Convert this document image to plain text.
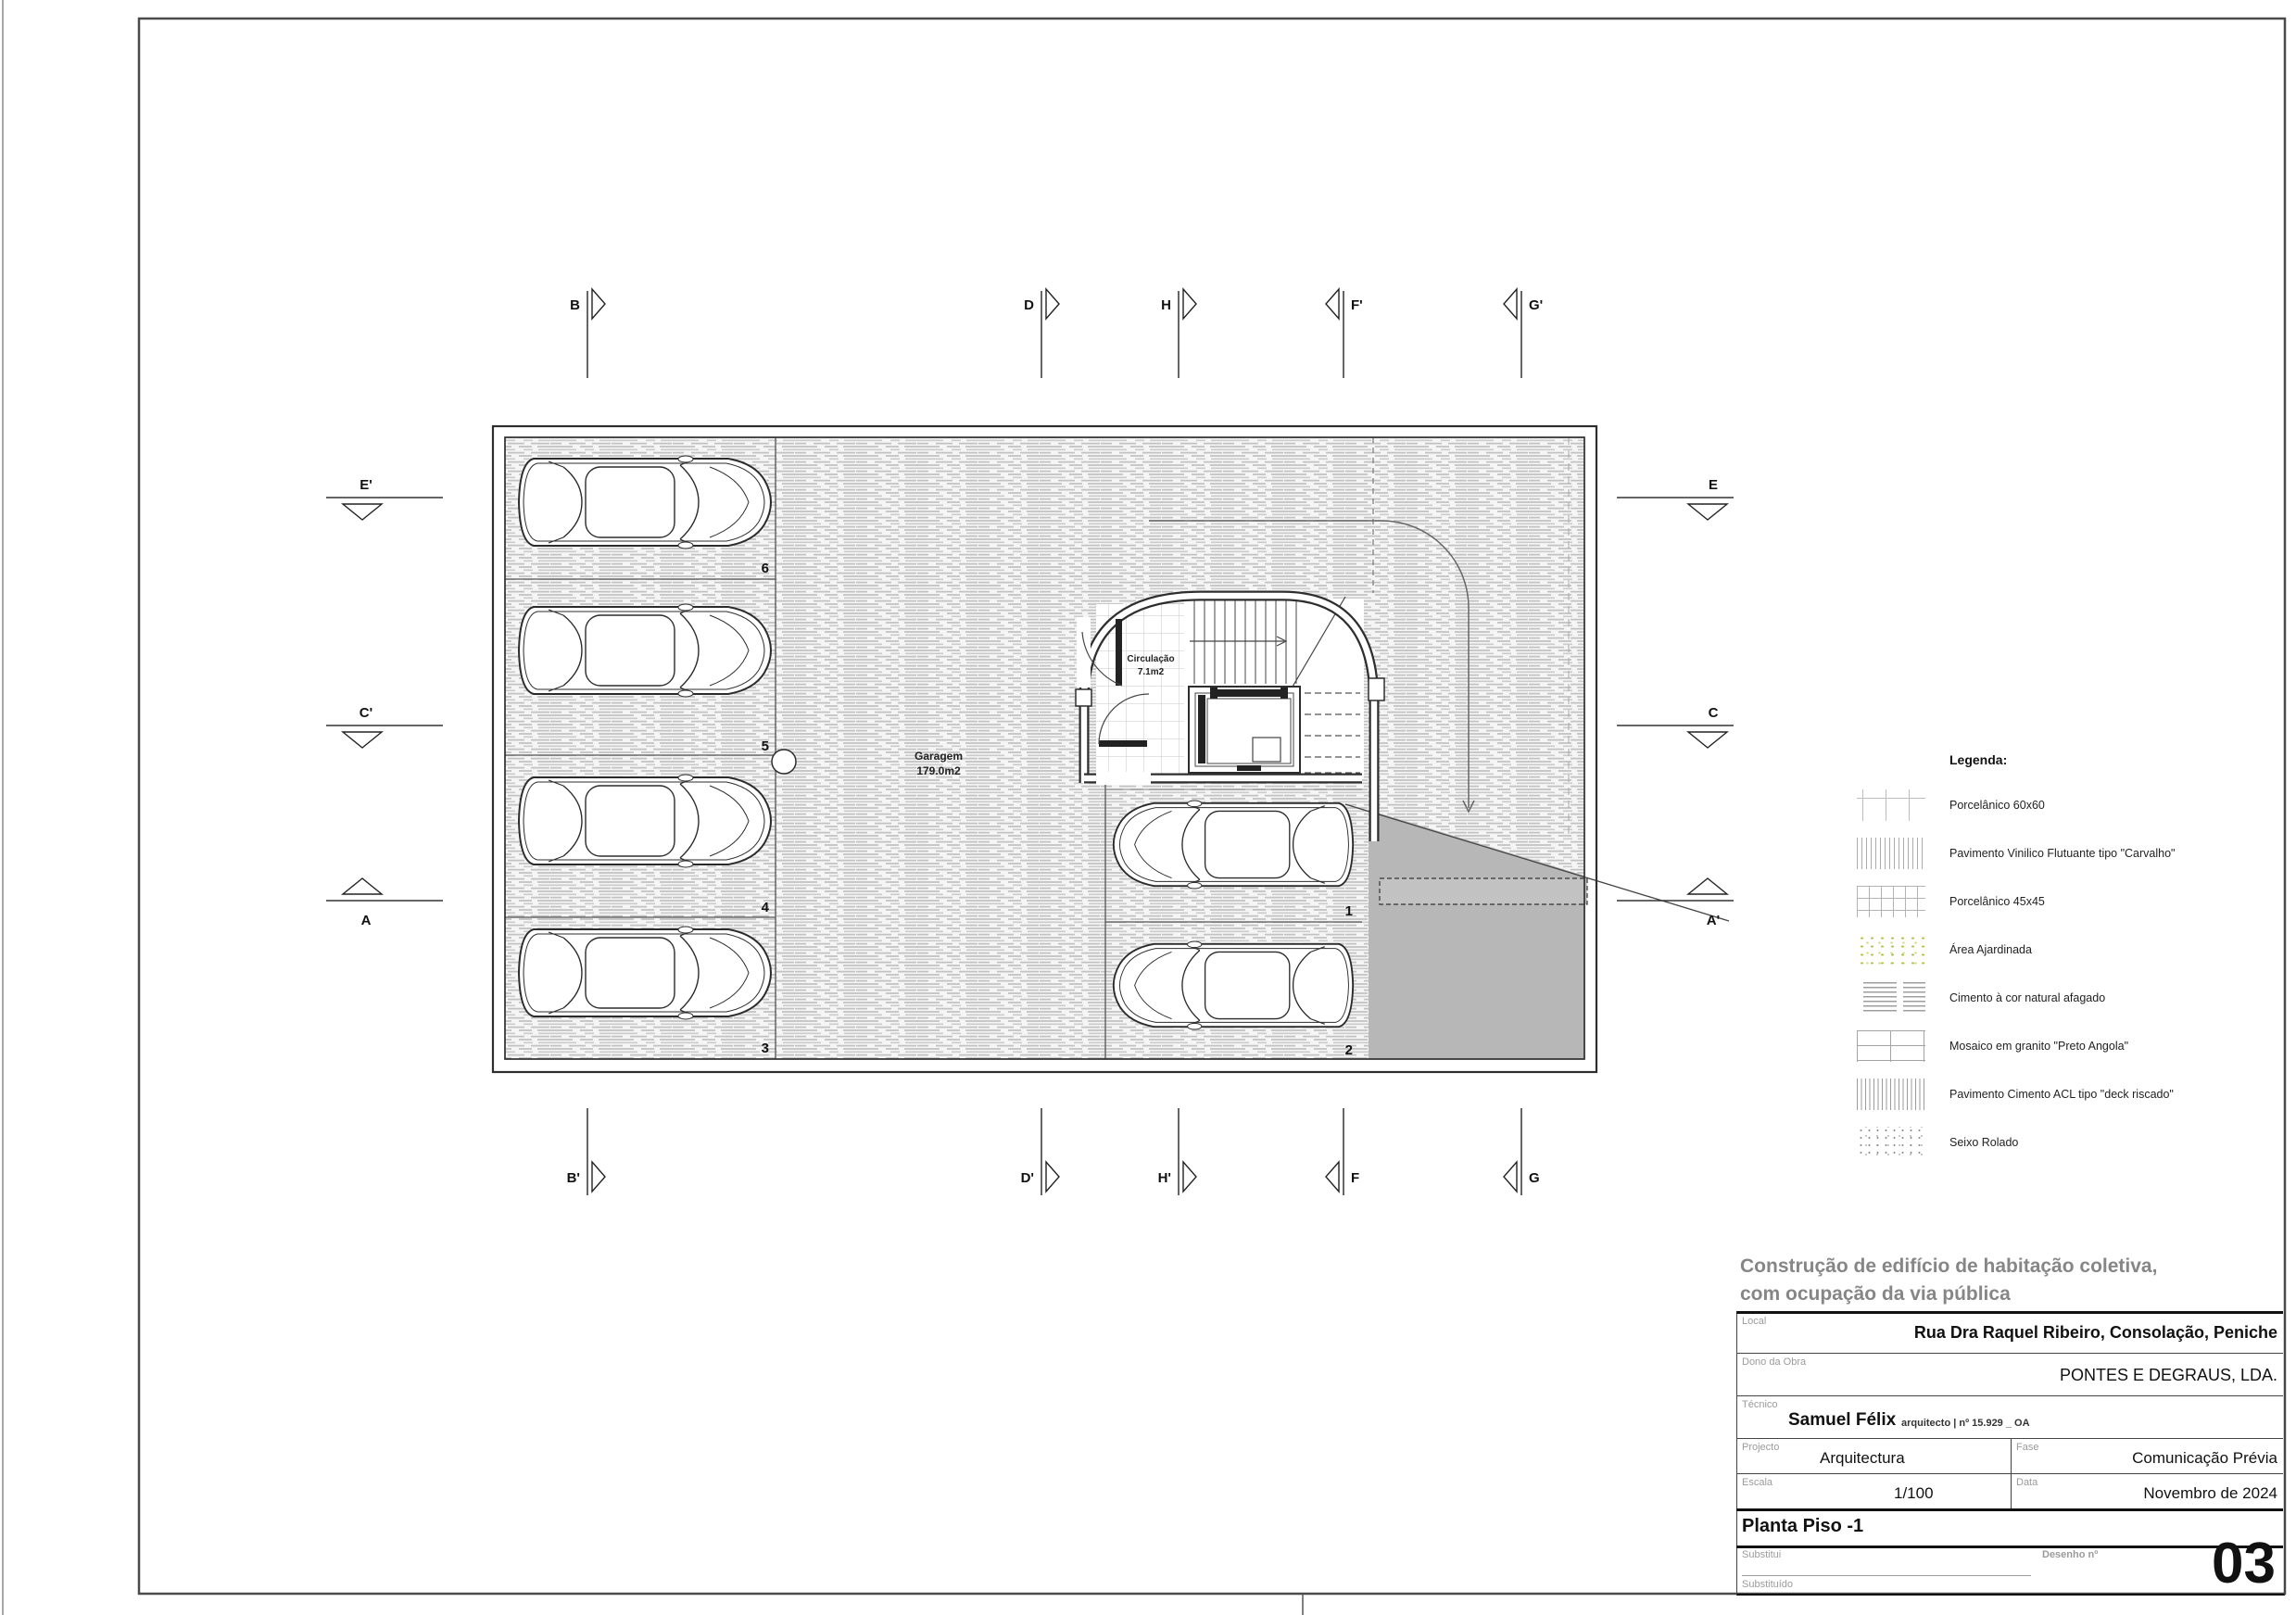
Circulação
7.1m2
6
5
4
3
1
2
Garagem
179.0m2
B	D	H	F'	G'
B'	D'	H'	F	G
E'
C'
A
E
C
A'
Legenda:
Porcelânico 60x60
Pavimento Vinilico Flutuante tipo "Carvalho"
Porcelânico 45x45
Área Ajardinada
Cimento à cor natural afagado
Mosaico em granito "Preto Angola"
Pavimento Cimento ACL tipo "deck riscado"
Seixo Rolado
Construção de edifício de habitação coletiva,
com ocupação da via pública
Local
Rua Dra Raquel Ribeiro, Consolação, Peniche
Dono da Obra
PONTES E DEGRAUS, LDA.
Técnico
Samuel Félix arquitecto | nº 15.929 _ OA
Projecto
Arquitectura
Fase
Comunicação Prévia
Escala
1/100
Data
Novembro de 2024
Planta Piso -1
Substitui
Substituído
Desenho nº 03
